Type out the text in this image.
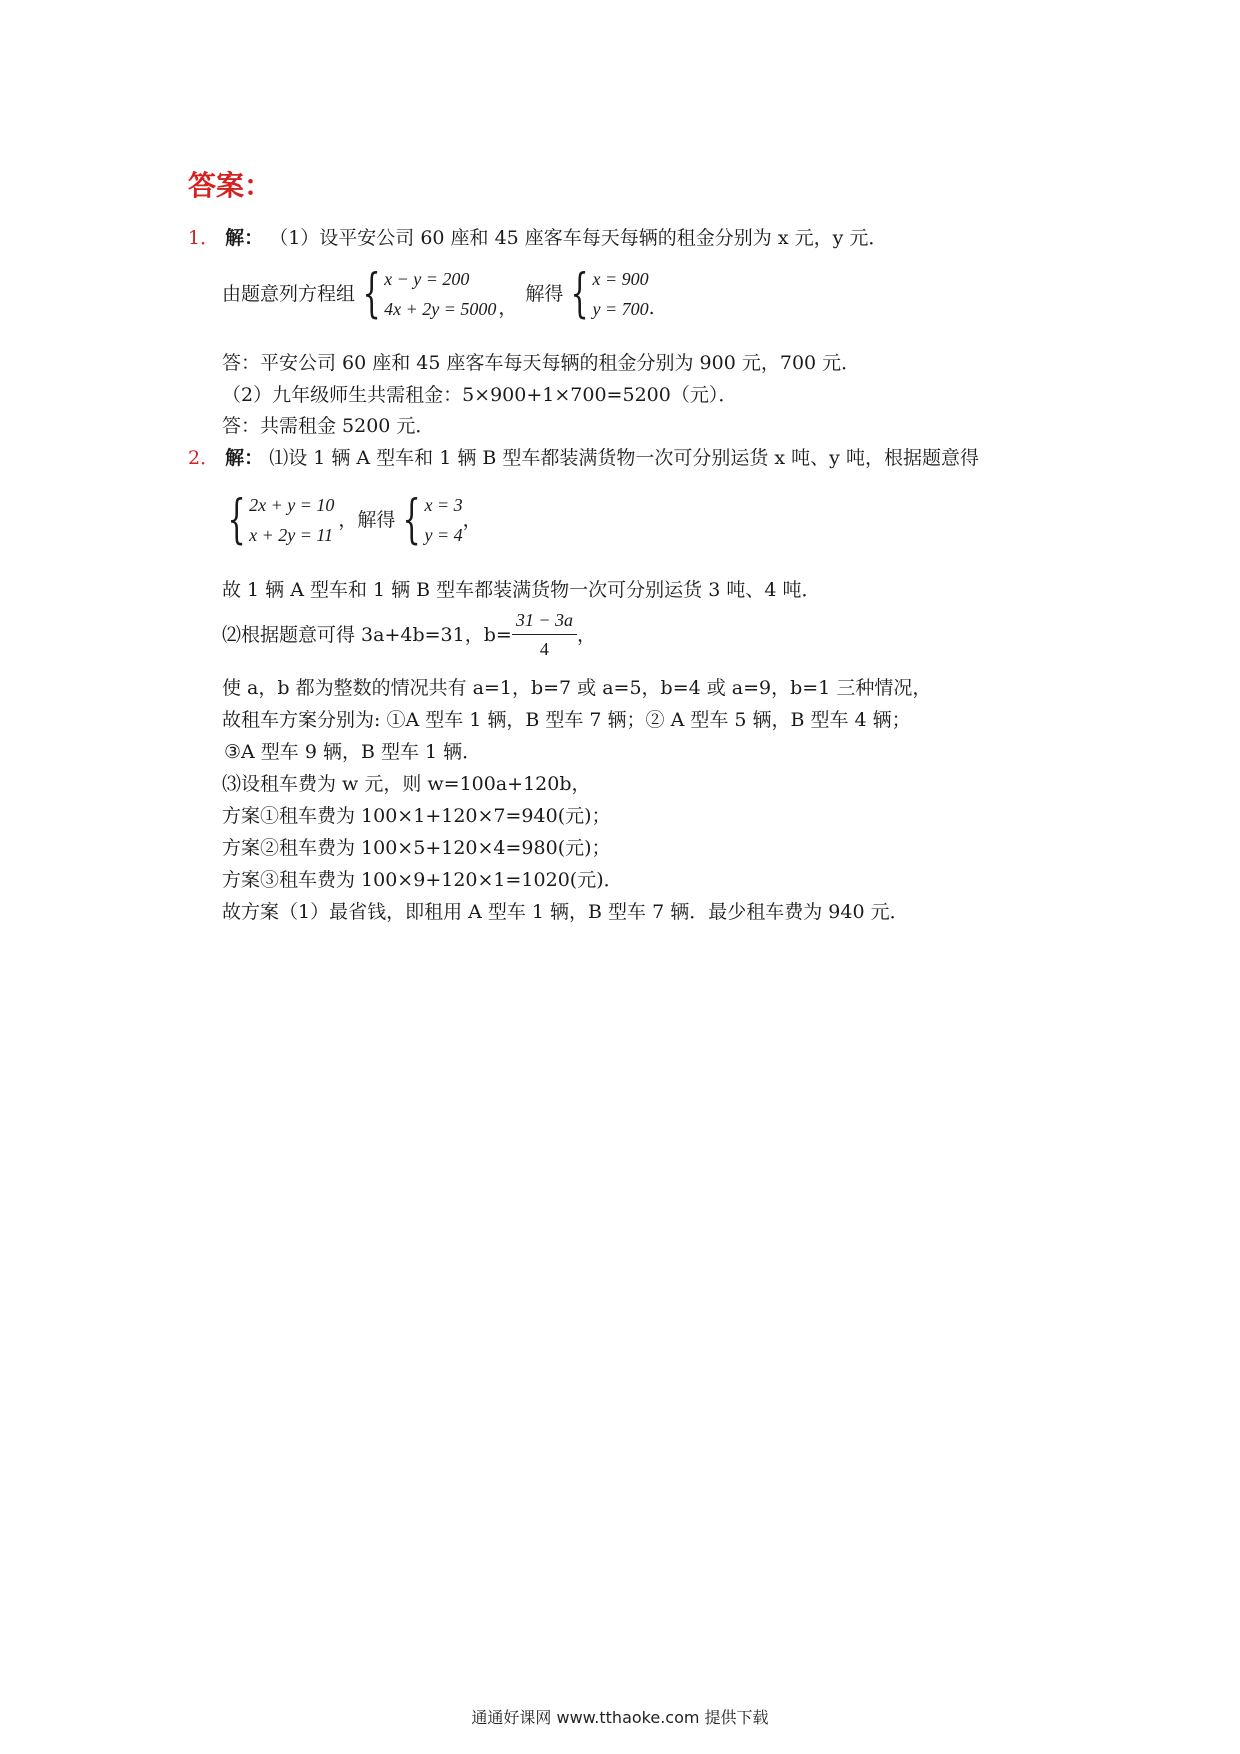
答案：
1． 解： （1）设平安公司 60 座和 45 座客车每天每辆的租金分别为 x 元，y 元．
由题意列方程组 { x − y = 200
4x + 2y = 5000 ，
解得 { x = 900
y = 700 .
答：平安公司 60 座和 45 座客车每天每辆的租金分别为 900 元，700 元．
（2）九年级师生共需租金：5×900+1×700=5200（元）．
答：共需租金 5200 元．
2． 解： ⑴设 1 辆 A 型车和 1 辆 B 型车都装满货物一次可分别运货 x 吨、y 吨，根据题意得
{ 2x + y = 10
x + 2y = 11
，解得 { x = 3
y = 4
，
故 1 辆 A 型车和 1 辆 B 型车都装满货物一次可分别运货 3 吨、4 吨．
⑵根据题意可得 3a+4b=31，$b= \frac{31 - 3a}{4}$ ，
使 a，b 都为整数的情况共有 a=1，b=7 或 a=5，b=4 或 a=9，b=1 三种情况，
故租车方案分别为: ①A 型车 1 辆，B 型车 7 辆；② A 型车 5 辆，B 型车 4 辆；
③A 型车 9 辆，B 型车 1 辆．
⑶设租车费为 w 元，则 w=100a+120b，
方案①租车费为 100×1+120×7=940(元)；
方案②租车费为 100×5+120×4=980(元)；
方案③租车费为 100×9+120×1=1020(元)．
故方案（1）最省钱，即租用 A 型车 1 辆，B 型车 7 辆．最少租车费为 940 元．
通通好课网 www.tthaoke.com 提供下载
